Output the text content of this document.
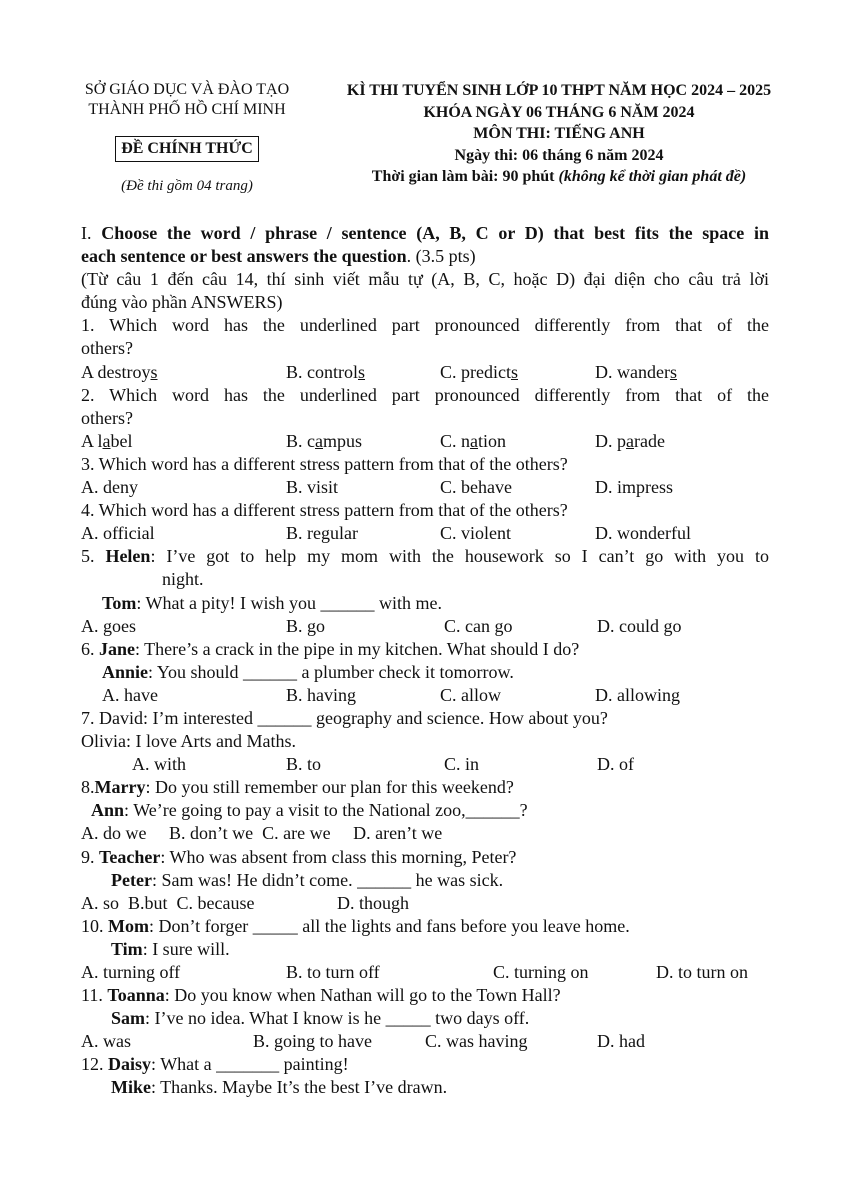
SỞ GIÁO DỤC VÀ ĐÀO TẠO
THÀNH PHỐ HỒ CHÍ MINH
ĐỀ CHÍNH THỨC
(Đề thi gồm 04 trang)
KÌ THI TUYỂN SINH LỚP 10 THPT NĂM HỌC 2024 – 2025
KHÓA NGÀY 06 THÁNG 6 NĂM 2024
MÔN THI: TIẾNG ANH
Ngày thi: 06 tháng 6 năm 2024
Thời gian làm bài: 90 phút (không kể thời gian phát đề)
I. Choose the word / phrase / sentence (A, B, C or D) that best fits the space in
each sentence or best answers the question. (3.5 pts)
(Từ câu 1 đến câu 14, thí sinh viết mẫu tự (A, B, C, hoặc D) đại diện cho câu trả lời
đúng vào phần ANSWERS)
1. Which word has the underlined part pronounced differently from that of the
others?
A destroys	B. controls	C. predicts	D. wanders
2. Which word has the underlined part pronounced differently from that of the
others?
A label	B. campus	C. nation	D. parade
3. Which word has a different stress pattern from that of the others?
A. deny	B. visit	C. behave	D. impress
4. Which word has a different stress pattern from that of the others?
A. official	B. regular	C. violent	D. wonderful
5. Helen: I’ve got to help my mom with the housework so I can’t go with you to
night.
Tom: What a pity! I wish you ______ with me.
A. goes	B. go	C. can go	D. could go
6. Jane: There’s a crack in the pipe in my kitchen. What should I do?
Annie: You should ______ a plumber check it tomorrow.
A. have	B. having	C. allow	D. allowing
7. David: I’m interested ______ geography and science. How about you?
Olivia: I love Arts and Maths.
A. with	B. to	C. in	D. of
8.Marry: Do you still remember our plan for this weekend?
Ann: We’re going to pay a visit to the National zoo,______?
A. do we     B. don’t we  C. are we     D. aren’t we
9. Teacher: Who was absent from class this morning, Peter?
Peter: Sam was! He didn’t come. ______ he was sick.
A. so  B.but  C. because	D. though
10. Mom: Don’t forger _____ all the lights and fans before you leave home.
Tim: I sure will.
A. turning off	B. to turn off	C. turning on	D. to turn on
11. Toanna: Do you know when Nathan will go to the Town Hall?
Sam: I’ve no idea. What I know is he _____ two days off.
A. was	B. going to have	C. was having	D. had
12. Daisy: What a _______ painting!
Mike: Thanks. Maybe It’s the best I’ve drawn.
